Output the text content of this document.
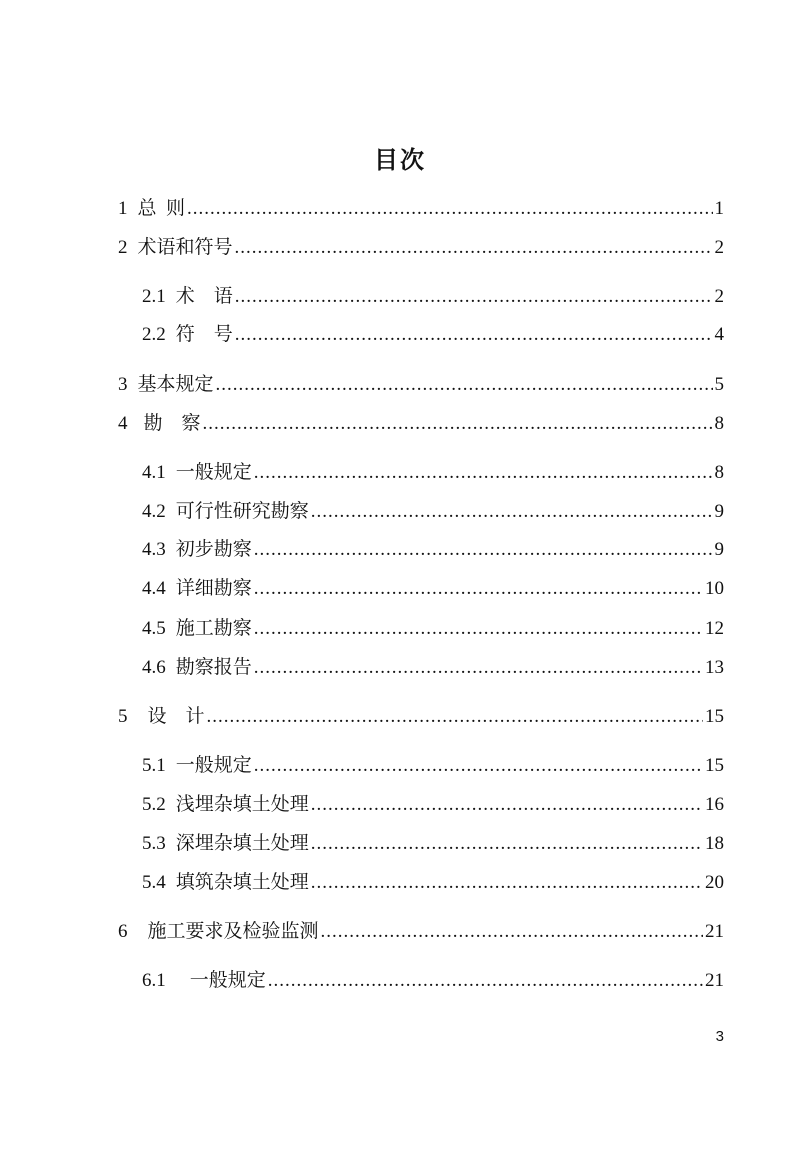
目次
1 总  则 .....	1
2 术语和符号 .....	2
2.1 术    语 .....	2
2.2 符    号 .....	4
3 基本规定 .....	5
4 勘    察 .....	8
4.1 一般规定 .....	8
4.2 可行性研究勘察 .....	9
4.3 初步勘察 .....	9
4.4 详细勘察 .....	10
4.5 施工勘察 .....	12
4.6 勘察报告 .....	13
5 设    计 .....	15
5.1 一般规定 .....	15
5.2 浅埋杂填土处理 .....	16
5.3 深埋杂填土处理 .....	18
5.4 填筑杂填土处理 .....	20
6 施工要求及检验监测 .....	21
6.1 一般规定 .....	21
3
